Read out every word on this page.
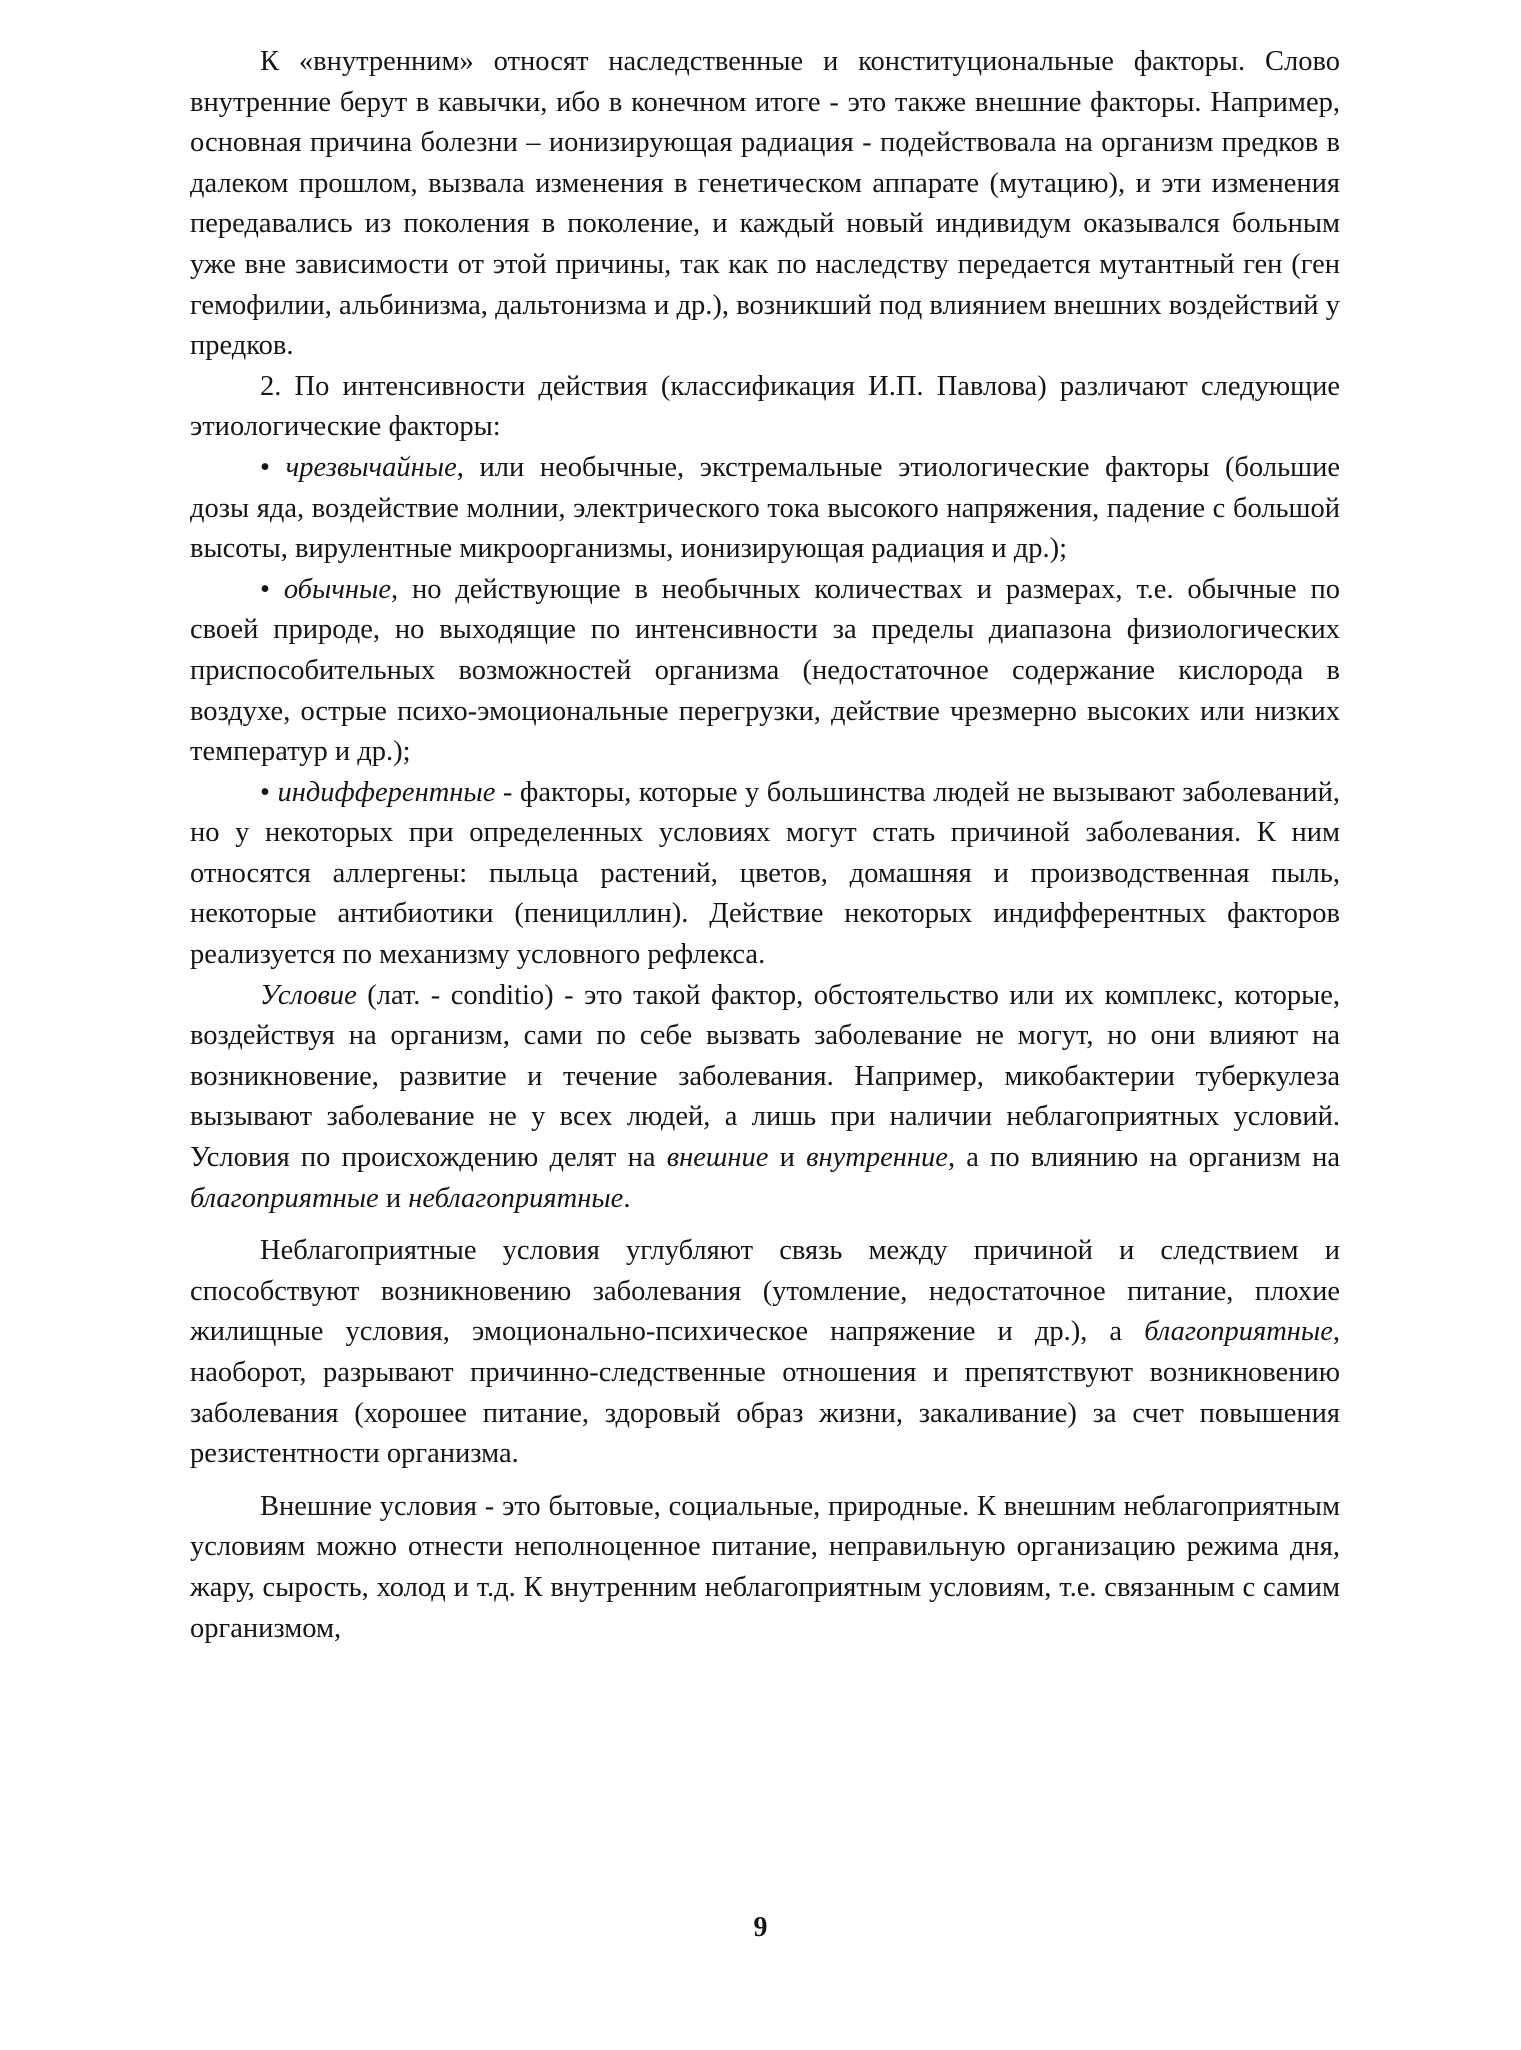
К «внутренним» относят наследственные и конституциональные факторы. Слово внутренние берут в кавычки, ибо в конечном итоге - это также внешние факторы. Например, основная причина болезни – ионизирующая радиация - подействовала на организм предков в далеком прошлом, вызвала изменения в генетическом аппарате (мутацию), и эти изменения передавались из поколения в поколение, и каждый новый индивидум оказывался больным уже вне зависимости от этой причины, так как по наследству передается мутантный ген (ген гемофилии, альбинизма, дальтонизма и др.), возникший под влиянием внешних воздействий у предков.

2. По интенсивности действия (классификация И.П. Павлова) различают следующие этиологические факторы:

• чрезвычайные, или необычные, экстремальные этиологические факторы (большие дозы яда, воздействие молнии, электрического тока высокого напряжения, падение с большой высоты, вирулентные микроорганизмы, ионизирующая радиация и др.);

• обычные, но действующие в необычных количествах и размерах, т.е. обычные по своей природе, но выходящие по интенсивности за пределы диапазона физиологических приспособительных возможностей организма (недостаточное содержание кислорода в воздухе, острые психо-эмоциональные перегрузки, действие чрезмерно высоких или низких температур и др.);

• индифферентные - факторы, которые у большинства людей не вызывают заболеваний, но у некоторых при определенных условиях могут стать причиной заболевания. К ним относятся аллергены: пыльца растений, цветов, домашняя и производственная пыль, некоторые антибиотики (пенициллин). Действие некоторых индифферентных факторов реализуется по механизму условного рефлекса.

Условие (лат. - conditio) - это такой фактор, обстоятельство или их комплекс, которые, воздействуя на организм, сами по себе вызвать заболевание не могут, но они влияют на возникновение, развитие и течение заболевания. Например, микобактерии туберкулеза вызывают заболевание не у всех людей, а лишь при наличии неблагоприятных условий. Условия по происхождению делят на внешние и внутренние, а по влиянию на организм на благоприятные и неблагоприятные.

Неблагоприятные условия углубляют связь между причиной и следствием и способствуют возникновению заболевания (утомление, недостаточное питание, плохие жилищные условия, эмоционально-психическое напряжение и др.), а благоприятные, наоборот, разрывают причинно-следственные отношения и препятствуют возникновению заболевания (хорошее питание, здоровый образ жизни, закаливание) за счет повышения резистентности организма.

Внешние условия - это бытовые, социальные, природные. К внешним неблагоприятным условиям можно отнести неполноценное питание, неправильную организацию режима дня, жару, сырость, холод и т.д. К внутренним неблагоприятным условиям, т.е. связанным с самим организмом,

9
